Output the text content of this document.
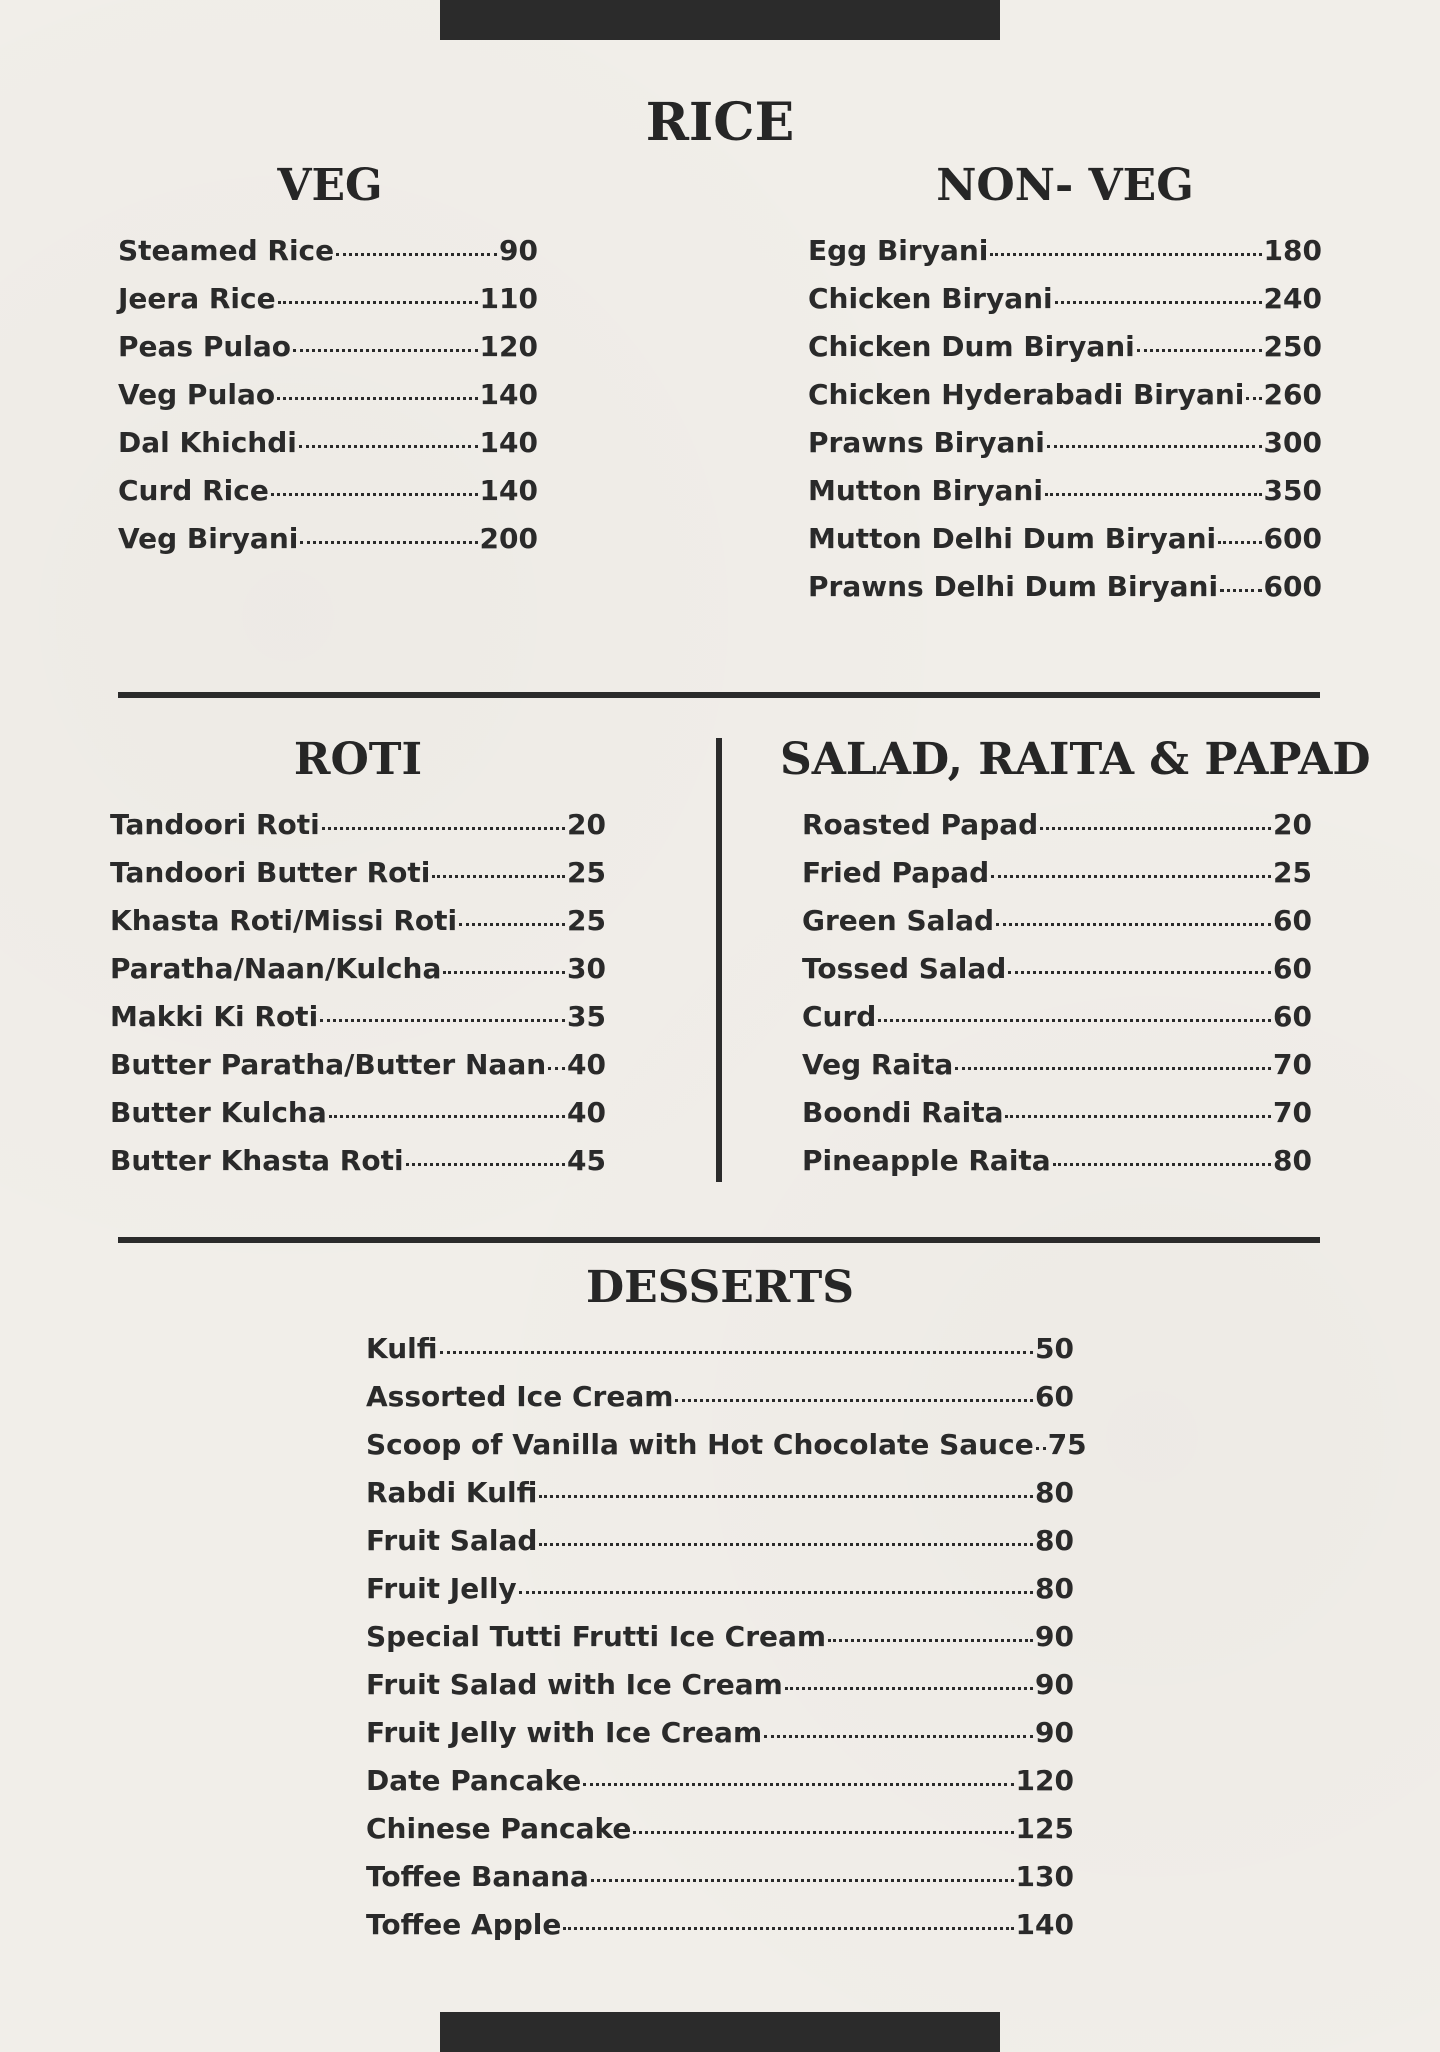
RICE
VEG	NON- VEG
Steamed Rice	90
Jeera Rice	110
Peas Pulao	120
Veg Pulao	140
Dal Khichdi	140
Curd Rice	140
Veg Biryani	200
Egg Biryani	180
Chicken Biryani	240
Chicken Dum Biryani	250
Chicken Hyderabadi Biryani 260
Prawns Biryani	300
Mutton Biryani	350
Mutton Delhi Dum Biryani 600
Prawns Delhi Dum Biryani 600
ROTI	SALAD, RAITA & PAPAD
Tandoori Roti	20
Tandoori Butter Roti	25
Khasta Roti/Missi Roti	25
Paratha/Naan/Kulcha	30
Makki Ki Roti	35
Butter Paratha/Butter Naan 40
Butter Kulcha	40
Butter Khasta Roti	45
Roasted Papad	20
Fried Papad	25
Green Salad	60
Tossed Salad	60
Curd	60
Veg Raita	70
Boondi Raita	70
Pineapple Raita	80
DESSERTS
Kulfi	50
Assorted Ice Cream	60
Scoop of Vanilla with Hot Chocolate Sauce 75
Rabdi Kulfi	80
Fruit Salad	80
Fruit Jelly	80
Special Tutti Frutti Ice Cream	90
Fruit Salad with Ice Cream	90
Fruit Jelly with Ice Cream	90
Date Pancake	120
Chinese Pancake	125
Toffee Banana	130
Toffee Apple	140
